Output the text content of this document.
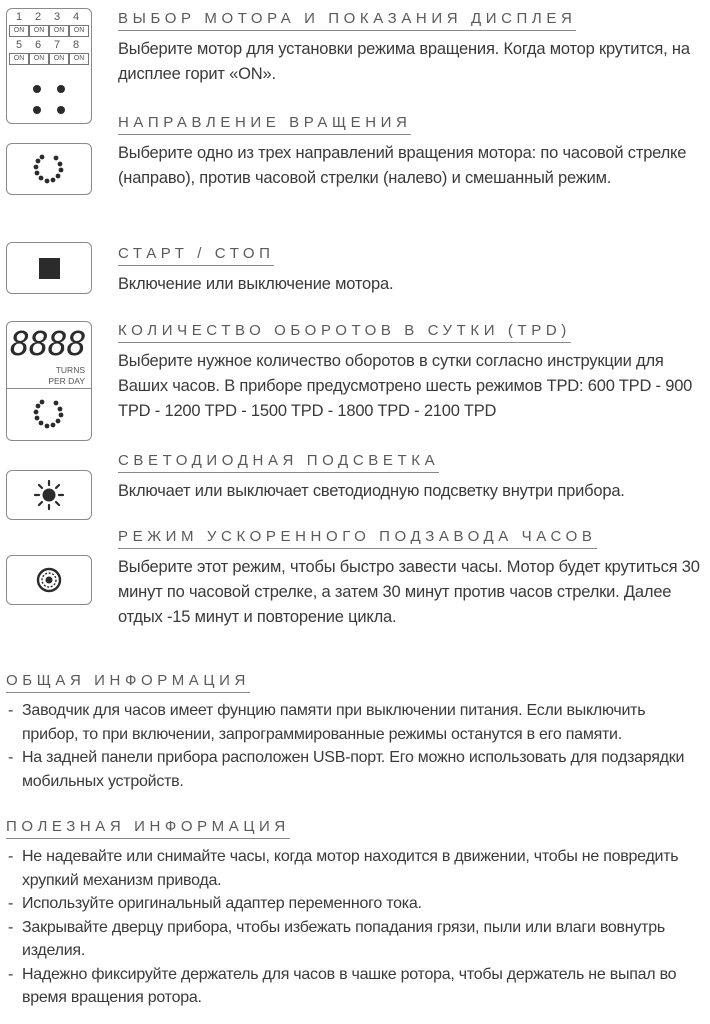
1 2 3 4
ON	ON	ON	ON
5 6 7 8
ON	ON	ON	ON
8888
TURNS
PER DAY
ВЫБОР МОТОРА И ПОКАЗАНИЯ ДИСПЛЕЯ
Выберите мотор для установки режима вращения. Когда мотор крутится, на дисплее горит «ON».
НАПРАВЛЕНИЕ ВРАЩЕНИЯ
Выберите одно из трех направлений вращения мотора: по часовой стрелке (направо), против часовой стрелки (налево) и смешанный режим.
СТАРТ / СТОП
Включение или выключение мотора.
КОЛИЧЕСТВО ОБОРОТОВ В СУТКИ (TPD)
Выберите нужное количество оборотов в сутки согласно инструкции для Ваших часов. В приборе предусмотрено шесть режимов TPD: 600 TPD - 900 TPD - 1200 TPD - 1500 TPD - 1800 TPD - 2100 TPD
СВЕТОДИОДНАЯ ПОДСВЕТКА
Включает или выключает светодиодную подсветку внутри прибора.
РЕЖИМ УСКОРЕННОГО ПОДЗАВОДА ЧАСОВ
Выберите этот режим, чтобы быстро завести часы. Мотор будет крутиться 30 минут по часовой стрелке, а затем 30 минут против часов стрелки. Далее отдых -15 минут и повторение цикла.
ОБЩАЯ ИНФОРМАЦИЯ
- Заводчик для часов имеет фунцию памяти при выключении питания. Если выключить прибор, то при включении, запрограммированные режимы останутся в его памяти.
- На задней панели прибора расположен USB-порт. Его можно использовать для подзарядки мобильных устройств.
ПОЛЕЗНАЯ ИНФОРМАЦИЯ
- Не надевайте или снимайте часы, когда мотор находится в движении, чтобы не повредить хрупкий механизм привода.
- Используйте оригинальный адаптер переменного тока.
- Закрывайте дверцу прибора, чтобы избежать попадания грязи, пыли или влаги вовнутрь изделия.
- Надежно фиксируйте держатель для часов в чашке ротора, чтобы держатель не выпал во время вращения ротора.
